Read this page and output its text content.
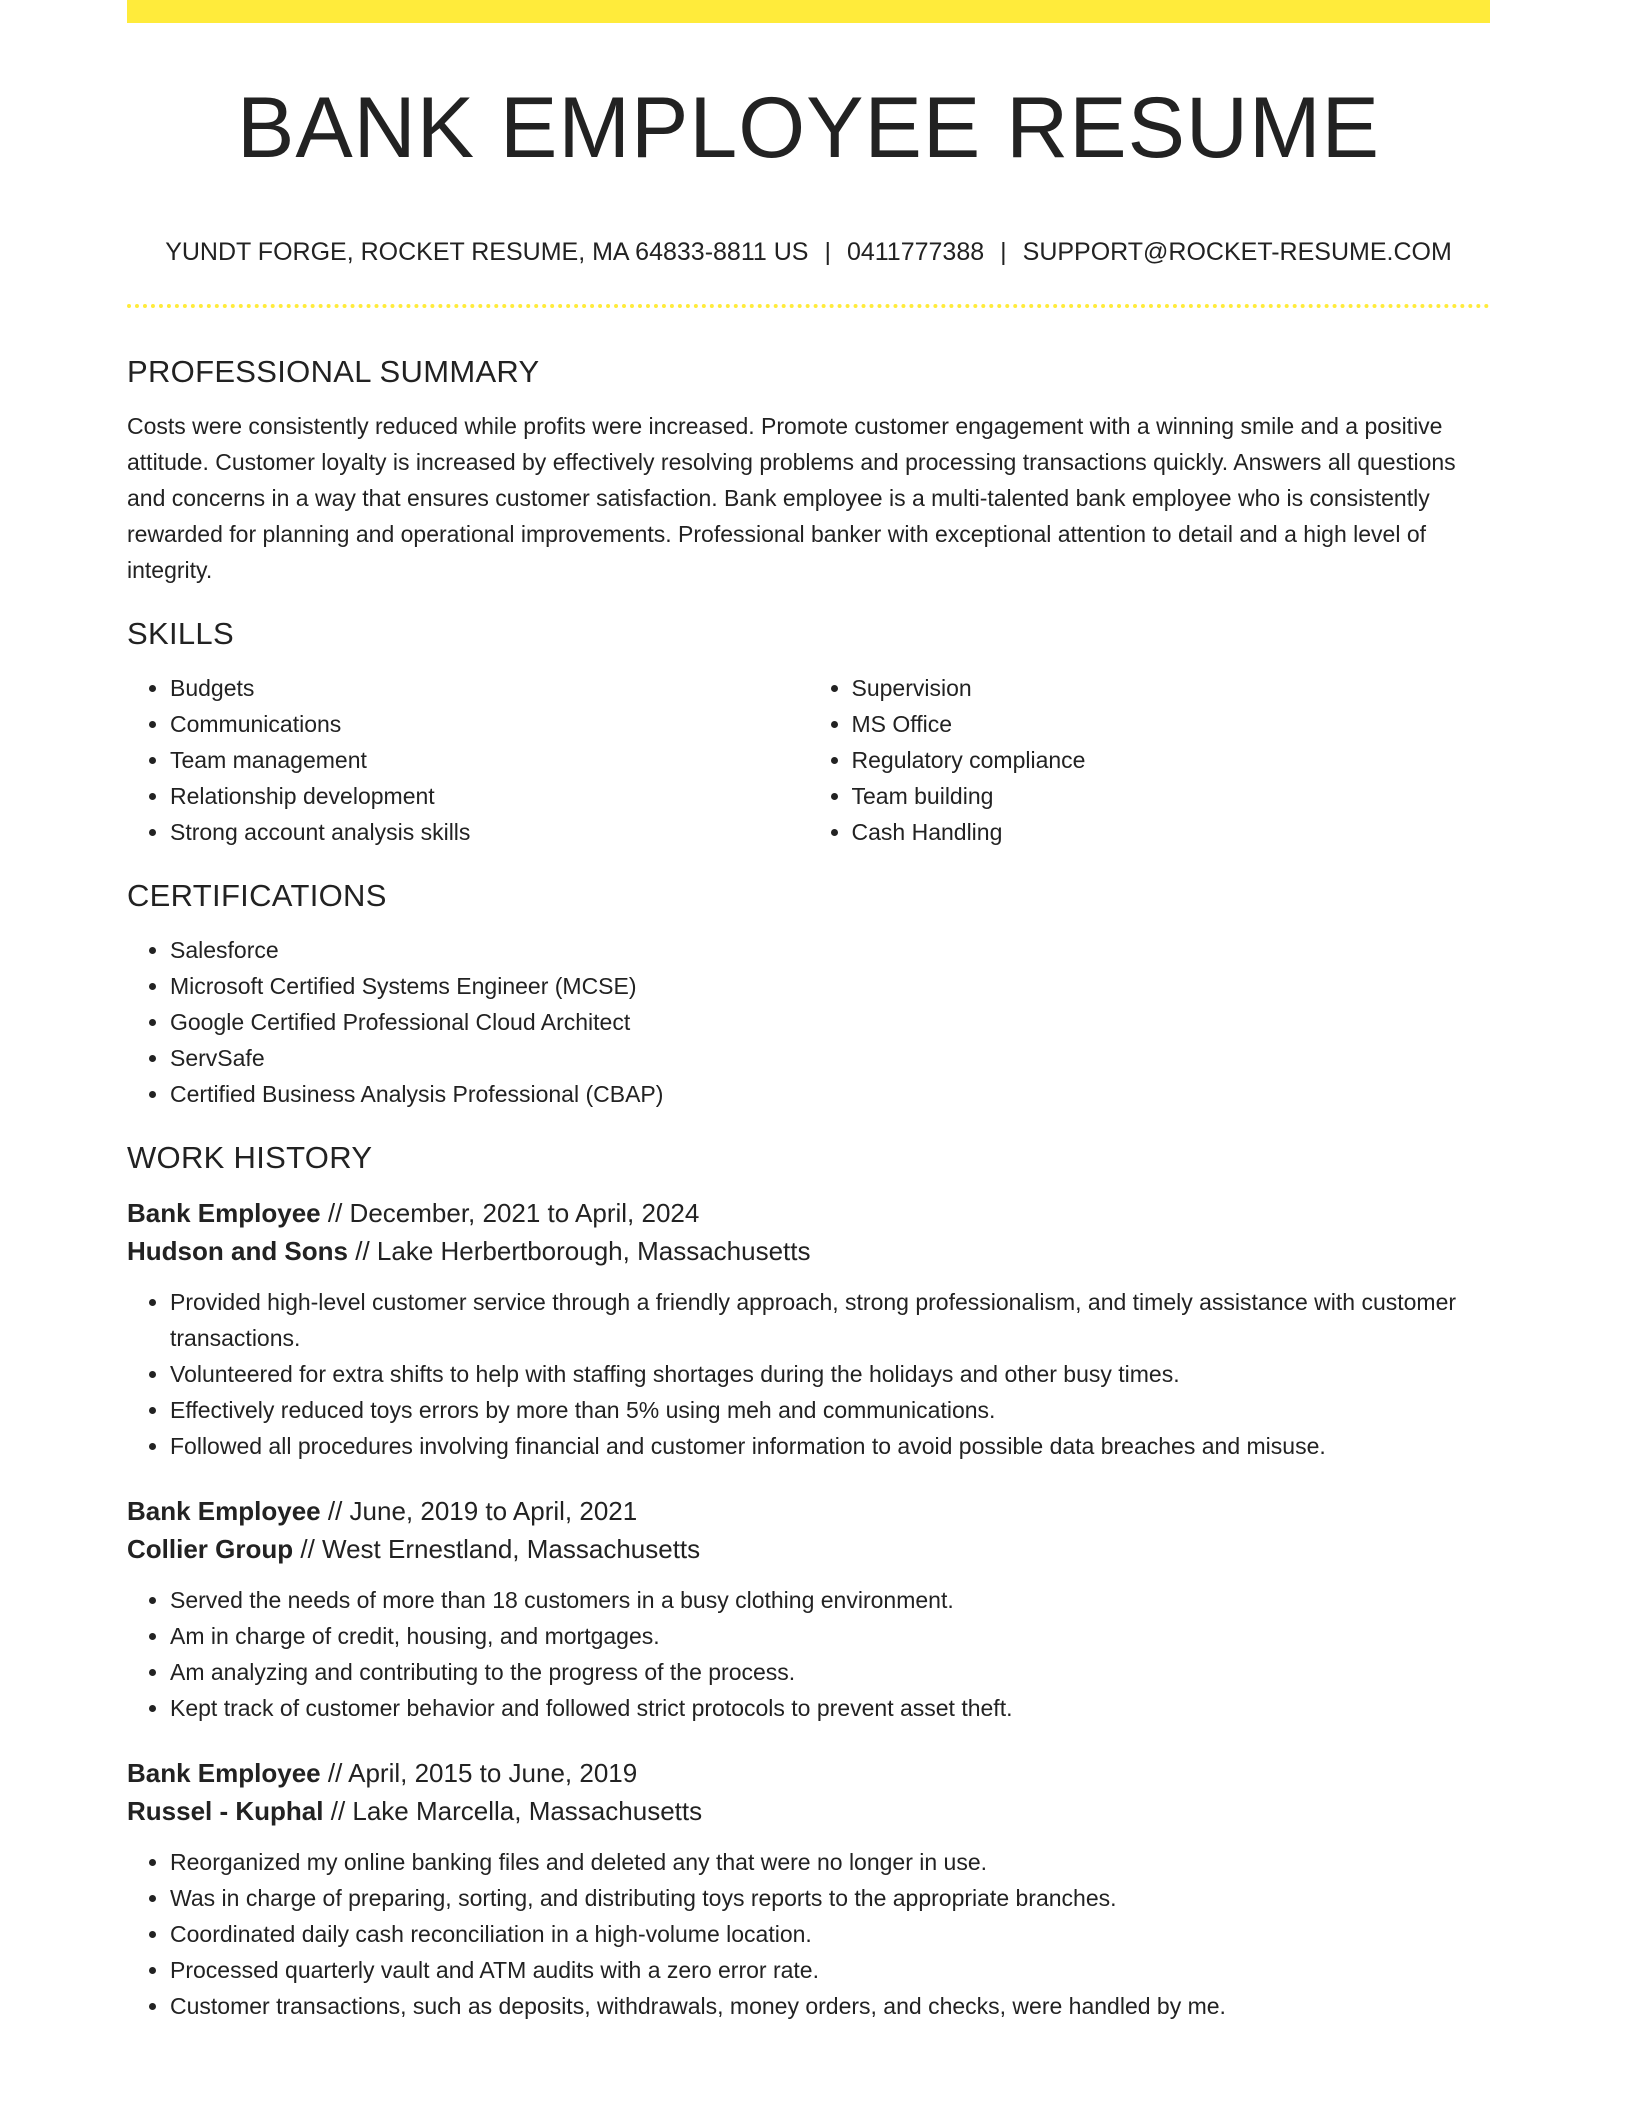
BANK EMPLOYEE RESUME
YUNDT FORGE, ROCKET RESUME, MA 64833-8811 US | 0411777388 | SUPPORT@ROCKET-RESUME.COM
PROFESSIONAL SUMMARY

Costs were consistently reduced while profits were increased. Promote customer engagement with a winning smile and a positive attitude. Customer loyalty is increased by effectively resolving problems and processing transactions quickly. Answers all questions and concerns in a way that ensures customer satisfaction. Bank employee is a multi-talented bank employee who is consistently rewarded for planning and operational improvements. Professional banker with exceptional attention to detail and a high level of integrity.

SKILLS
• Budgets
• Communications
• Team management
• Relationship development
• Strong account analysis skills
• Supervision
• MS Office
• Regulatory compliance
• Team building
• Cash Handling
CERTIFICATIONS
• Salesforce
• Microsoft Certified Systems Engineer (MCSE)
• Google Certified Professional Cloud Architect
• ServSafe
• Certified Business Analysis Professional (CBAP)
WORK HISTORY
Bank Employee // December, 2021 to April, 2024
Hudson and Sons // Lake Herbertborough, Massachusetts
• Provided high-level customer service through a friendly approach, strong professionalism, and timely assistance with customer transactions.
• Volunteered for extra shifts to help with staffing shortages during the holidays and other busy times.
• Effectively reduced toys errors by more than 5% using meh and communications.
• Followed all procedures involving financial and customer information to avoid possible data breaches and misuse.
Bank Employee // June, 2019 to April, 2021
Collier Group // West Ernestland, Massachusetts
• Served the needs of more than 18 customers in a busy clothing environment.
• Am in charge of credit, housing, and mortgages.
• Am analyzing and contributing to the progress of the process.
• Kept track of customer behavior and followed strict protocols to prevent asset theft.
Bank Employee // April, 2015 to June, 2019
Russel - Kuphal // Lake Marcella, Massachusetts
• Reorganized my online banking files and deleted any that were no longer in use.
• Was in charge of preparing, sorting, and distributing toys reports to the appropriate branches.
• Coordinated daily cash reconciliation in a high-volume location.
• Processed quarterly vault and ATM audits with a zero error rate.
• Customer transactions, such as deposits, withdrawals, money orders, and checks, were handled by me.
